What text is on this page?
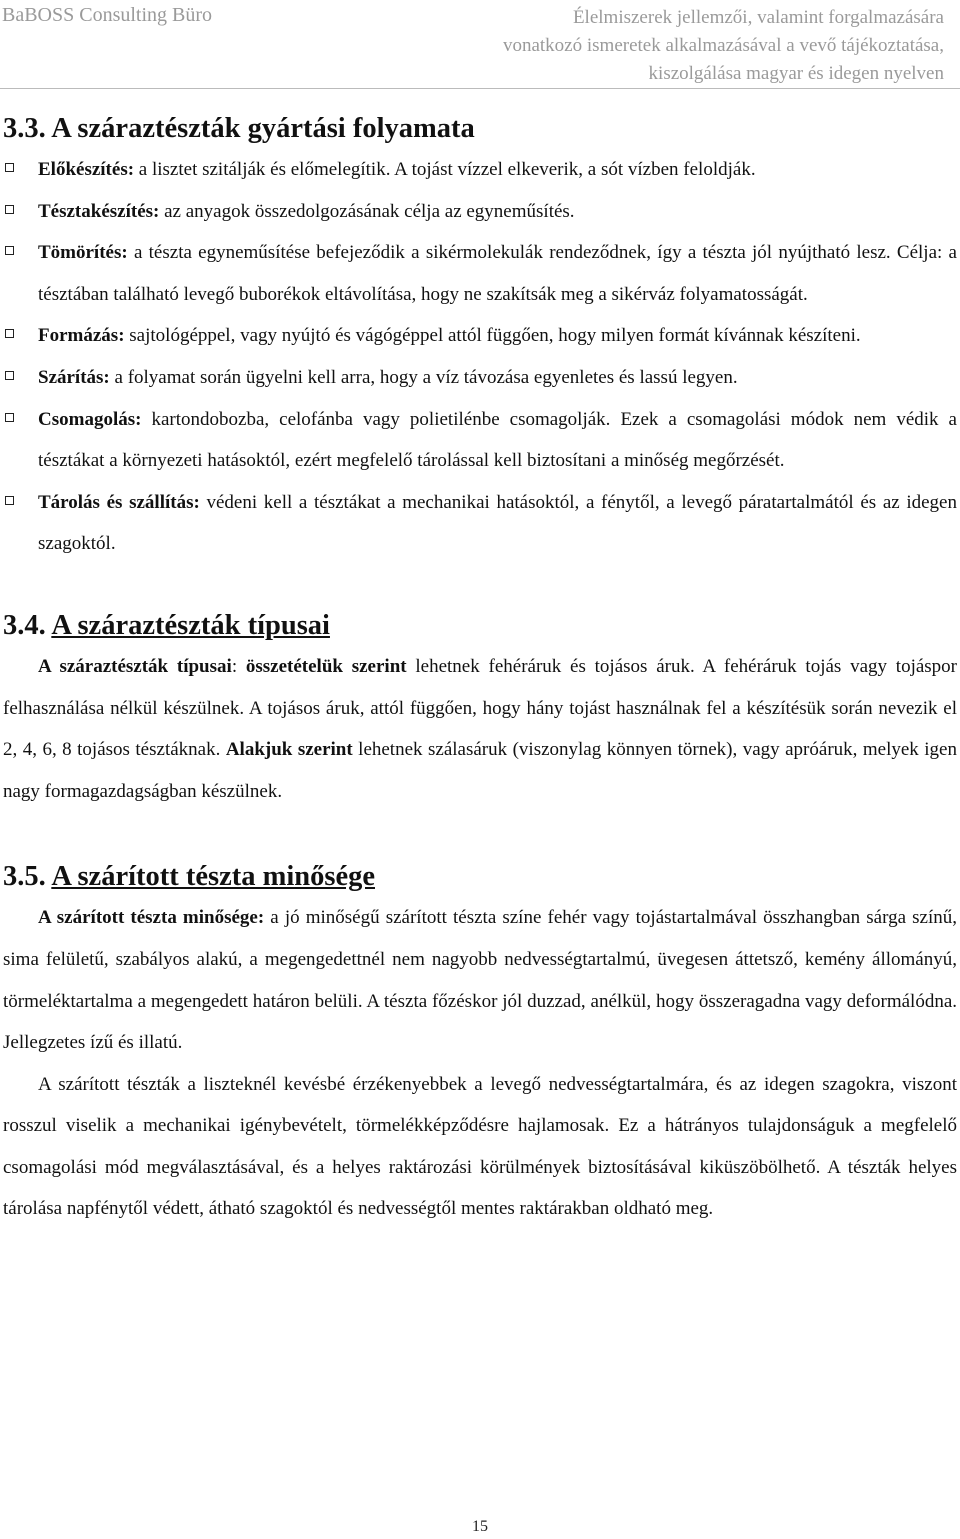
BaBOSS Consulting Büro	Élelmiszerek jellemzői, valamint forgalmazására
vonatkozó ismeretek alkalmazásával a vevő tájékoztatása,
kiszolgálása magyar és idegen nyelven
3.3. A száraztészták gyártási folyamata
Előkészítés: a lisztet szitálják és előmelegítik. A tojást vízzel elkeverik, a sót vízben feloldják.
Tésztakészítés: az anyagok összedolgozásának célja az egyneműsítés.
Tömörítés: a tészta egyneműsítése befejeződik a sikérmolekulák rendeződnek, így a tészta jól nyújtható lesz. Célja: a tésztában található levegő buborékok eltávolítása, hogy ne szakítsák meg a sikérváz folyamatosságát.
Formázás: sajtológéppel, vagy nyújtó és vágógéppel attól függően, hogy milyen formát kívánnak készíteni.
Szárítás: a folyamat során ügyelni kell arra, hogy a víz távozása egyenletes és lassú legyen.
Csomagolás: kartondobozba, celofánba vagy polietilénbe csomagolják. Ezek a csomagolási módok nem védik a tésztákat a környezeti hatásoktól, ezért megfelelő tárolással kell biztosítani a minőség megőrzését.
Tárolás és szállítás: védeni kell a tésztákat a mechanikai hatásoktól, a fénytől, a levegő páratartalmától és az idegen szagoktól.
3.4. A száraztészták típusai

A száraztészták típusai: összetételük szerint lehetnek fehéráruk és tojásos áruk. A fehéráruk tojás vagy tojáspor felhasználása nélkül készülnek. A tojásos áruk, attól függően, hogy hány tojást használnak fel a készítésük során nevezik el 2, 4, 6, 8 tojásos tésztáknak. Alakjuk szerint lehetnek szálasáruk (viszonylag könnyen törnek), vagy apróáruk, melyek igen nagy formagazdagságban készülnek.

3.5. A szárított tészta minősége

A szárított tészta minősége: a jó minőségű szárított tészta színe fehér vagy tojástartalmával összhangban sárga színű, sima felületű, szabályos alakú, a megengedettnél nem nagyobb nedvességtartalmú, üvegesen áttetsző, kemény állományú, törmeléktartalma a megengedett határon belüli. A tészta főzéskor jól duzzad, anélkül, hogy összeragadna vagy deformálódna. Jellegzetes ízű és illatú.

A szárított tészták a liszteknél kevésbé érzékenyebbek a levegő nedvességtartalmára, és az idegen szagokra, viszont rosszul viselik a mechanikai igénybevételt, törmelékképződésre hajlamosak. Ez a hátrányos tulajdonságuk a megfelelő csomagolási mód megválasztásával, és a helyes raktározási körülmények biztosításával kiküszöbölhető. A tészták helyes tárolása napfénytől védett, átható szagoktól és nedvességtől mentes raktárakban oldható meg.

15
